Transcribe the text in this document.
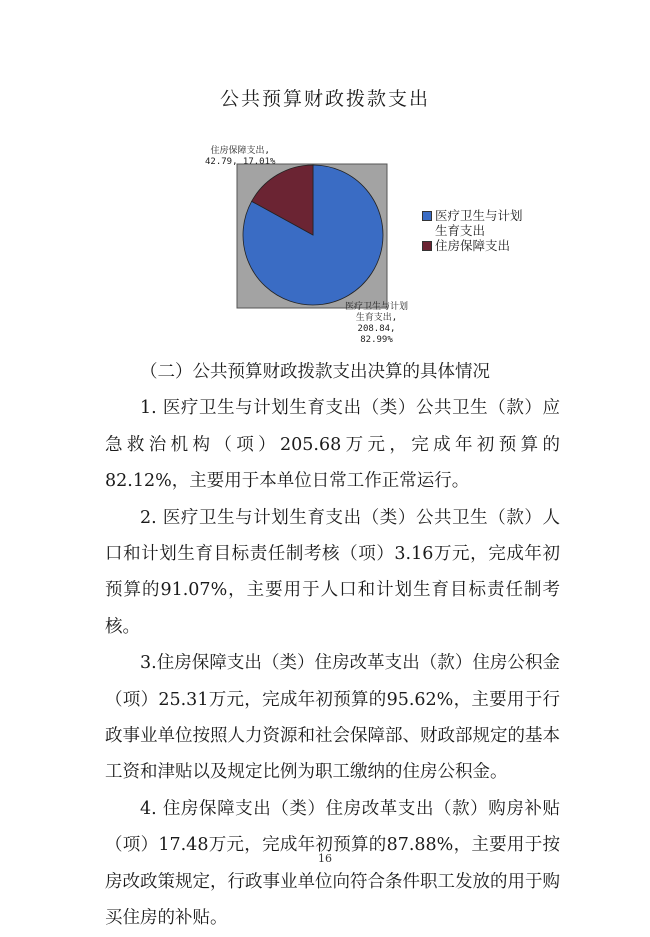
公共预算财政拨款支出
住房保障支出,
42.79, 17.01%
医疗卫生与计划
生育支出,
208.84,
82.99%
医疗卫生与计划
生育支出
住房保障支出

（二）公共预算财政拨款支出决算的具体情况

1. 医疗卫生与计划生育支出（类）公共卫生（款）应急救治机构（项）205.68万元，完成年初预算的82.12%，主要用于本单位日常工作正常运行。

2. 医疗卫生与计划生育支出（类）公共卫生（款）人口和计划生育目标责任制考核（项）3.16万元，完成年初预算的91.07%，主要用于人口和计划生育目标责任制考核。

3.住房保障支出（类）住房改革支出（款）住房公积金（项）25.31万元，完成年初预算的95.62%，主要用于行政事业单位按照人力资源和社会保障部、财政部规定的基本工资和津贴以及规定比例为职工缴纳的住房公积金。

4. 住房保障支出（类）住房改革支出（款）购房补贴（项）17.48万元，完成年初预算的87.88%，主要用于按房改政策规定，行政事业单位向符合条件职工发放的用于购买住房的补贴。

16
